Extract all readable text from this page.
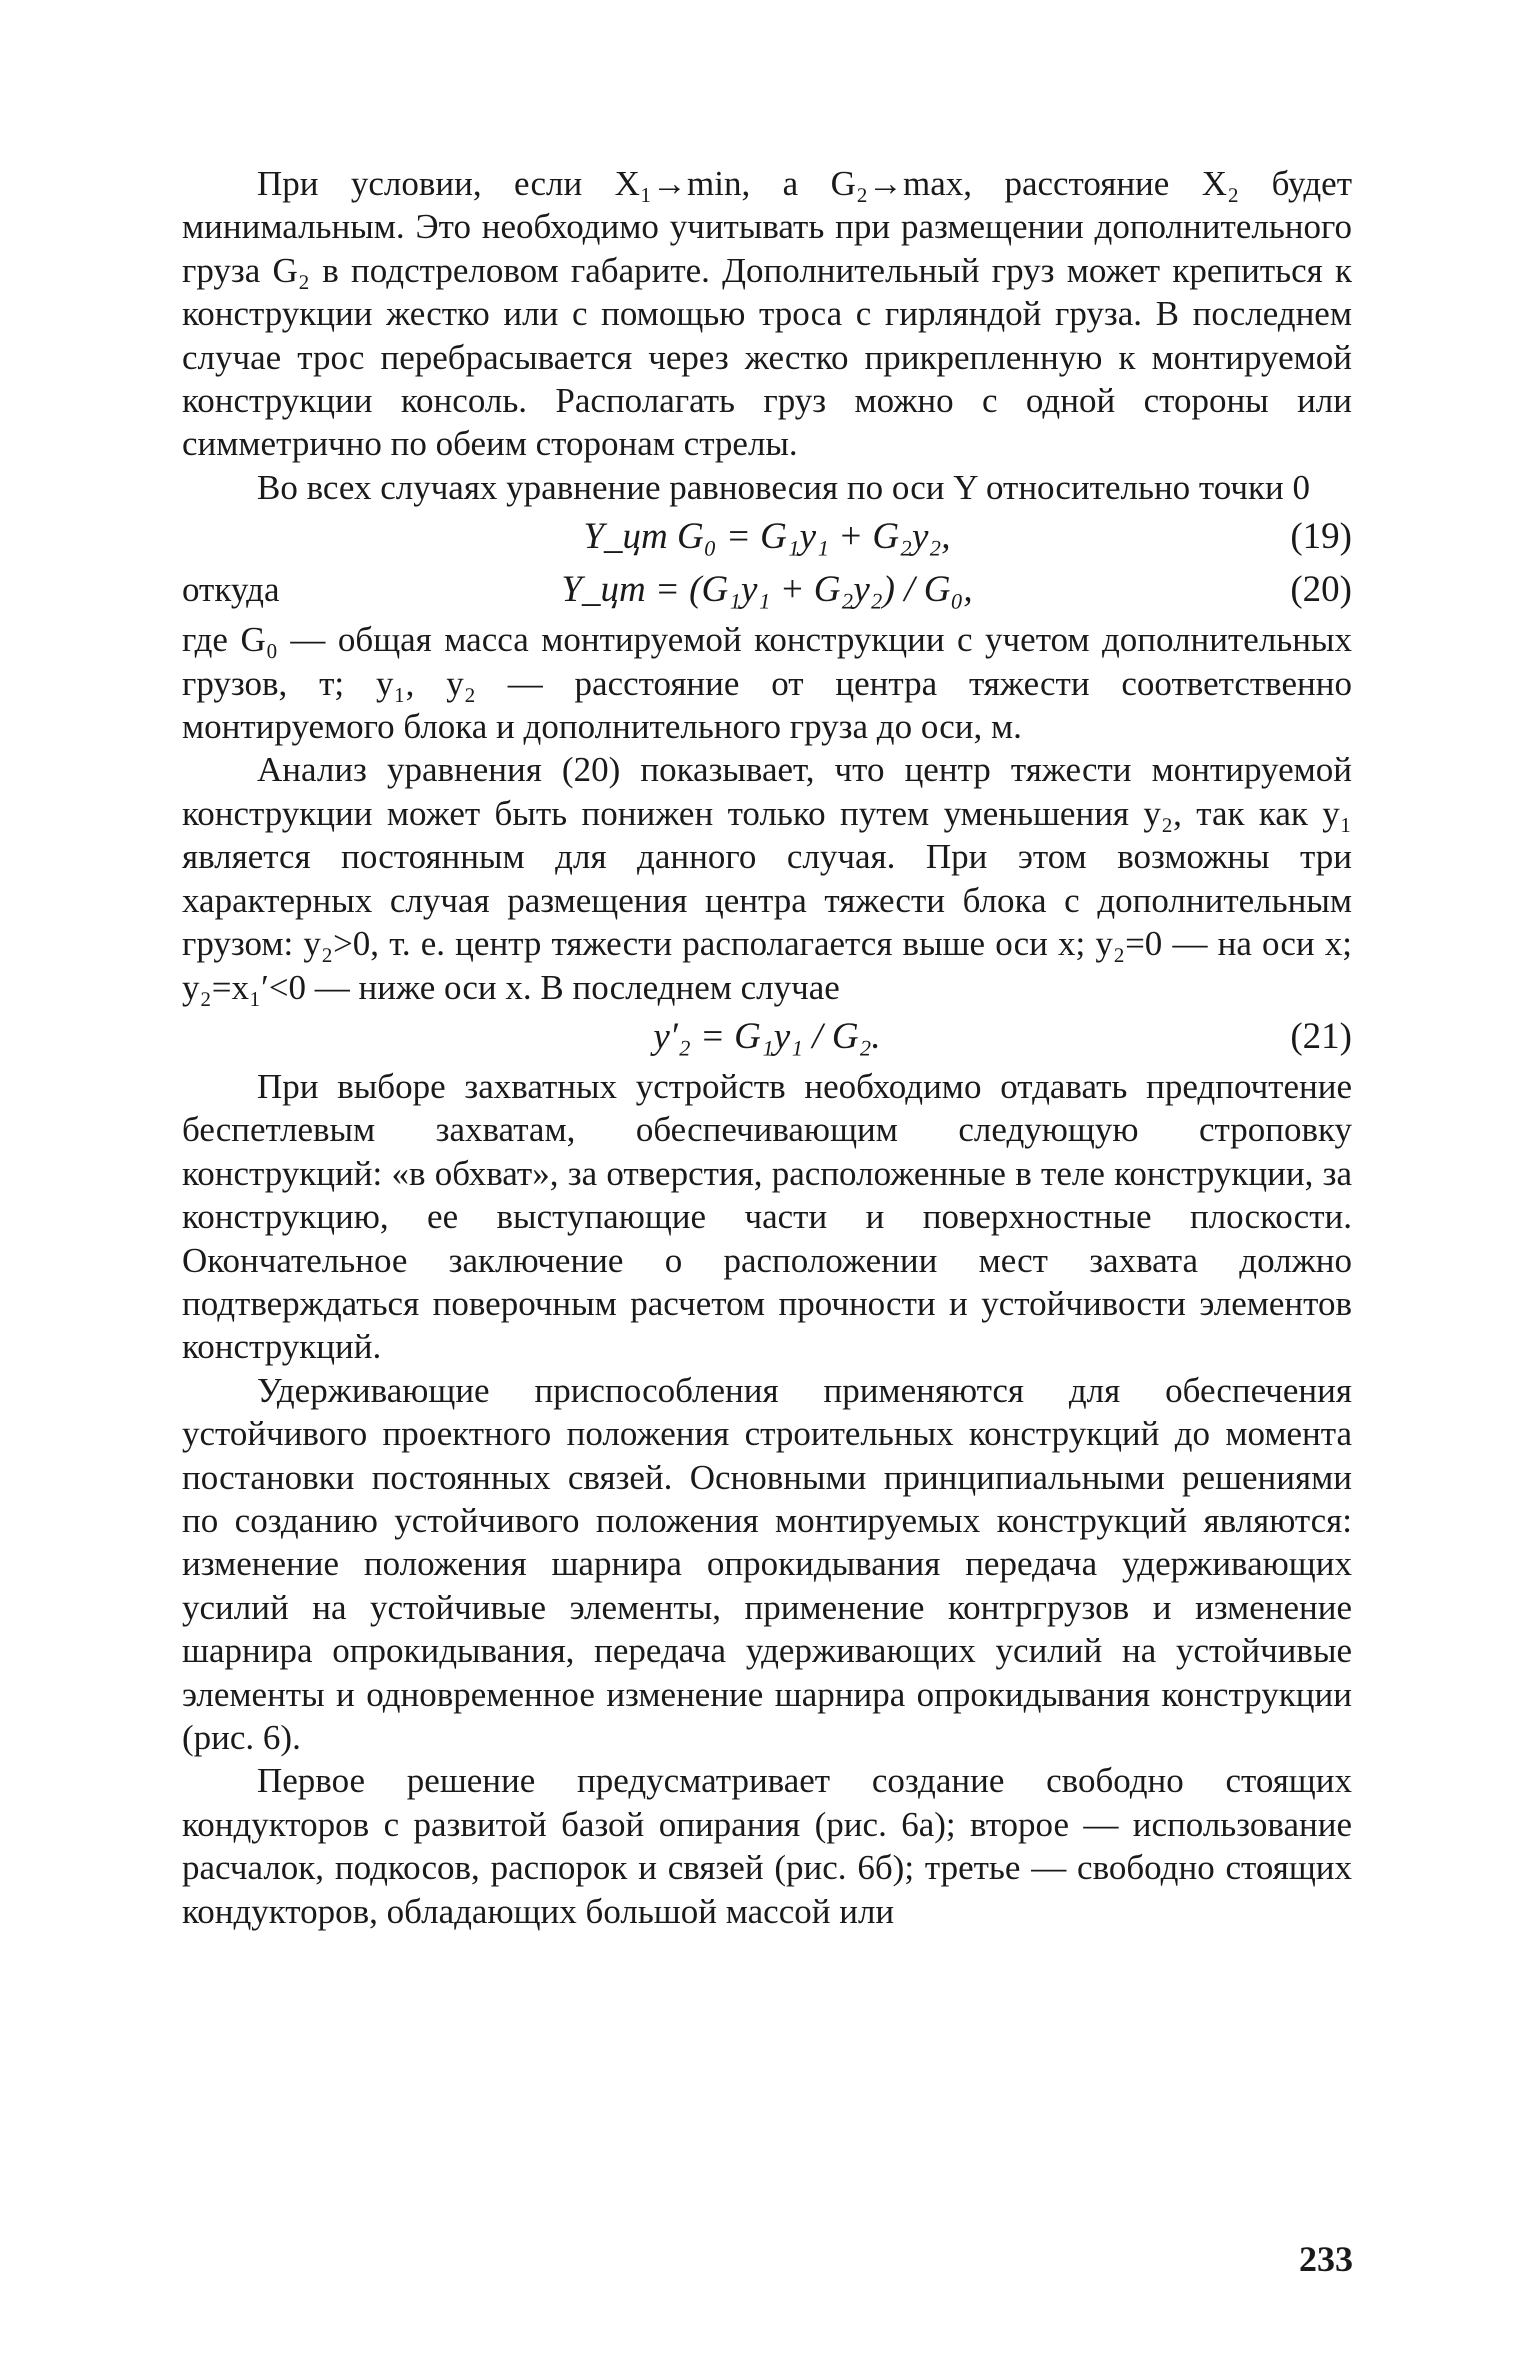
При условии, если X₁→min, а G₂→max, расстояние X₂ будет минимальным. Это необходимо учитывать при размещении дополнительного груза G₂ в подстреловом габарите. Дополнительный груз может крепиться к конструкции жестко или с помощью троса с гирляндой груза. В последнем случае трос перебрасывается через жестко прикрепленную к монтируемой конструкции консоль. Располагать груз можно с одной стороны или симметрично по обеим сторонам стрелы.

Во всех случаях уравнение равновесия по оси Y относительно точки 0

Y_цт G₀ = G₁y₁ + G₂y₂,	(19)
откуда	Y_цт = (G₁y₁ + G₂y₂) / G₀,	(20)

где G₀ — общая масса монтируемой конструкции с учетом дополнительных грузов, т; y₁, y₂ — расстояние от центра тяжести соответственно монтируемого блока и дополнительного груза до оси, м.

Анализ уравнения (20) показывает, что центр тяжести монтируемой конструкции может быть понижен только путем уменьшения y₂, так как y₁ является постоянным для данного случая. При этом возможны три характерных случая размещения центра тяжести блока с дополнительным грузом: y₂>0, т. е. центр тяжести располагается выше оси x; y₂=0 — на оси x; y₂=x₁′<0 — ниже оси x. В последнем случае

y′₂ = G₁y₁ / G₂.	(21)

При выборе захватных устройств необходимо отдавать предпочтение беспетлевым захватам, обеспечивающим следующую строповку конструкций: «в обхват», за отверстия, расположенные в теле конструкции, за конструкцию, ее выступающие части и поверхностные плоскости. Окончательное заключение о расположении мест захвата должно подтверждаться поверочным расчетом прочности и устойчивости элементов конструкций.

Удерживающие приспособления применяются для обеспечения устойчивого проектного положения строительных конструкций до момента постановки постоянных связей. Основными принципиальными решениями по созданию устойчивого положения монтируемых конструкций являются: изменение положения шарнира опрокидывания передача удерживающих усилий на устойчивые элементы, применение контргрузов и изменение шарнира опрокидывания, передача удерживающих усилий на устойчивые элементы и одновременное изменение шарнира опрокидывания конструкции (рис. 6).

Первое решение предусматривает создание свободно стоящих кондукторов с развитой базой опирания (рис. 6а); второе — использование расчалок, подкосов, распорок и связей (рис. 6б); третье — свободно стоящих кондукторов, обладающих большой массой или

233
